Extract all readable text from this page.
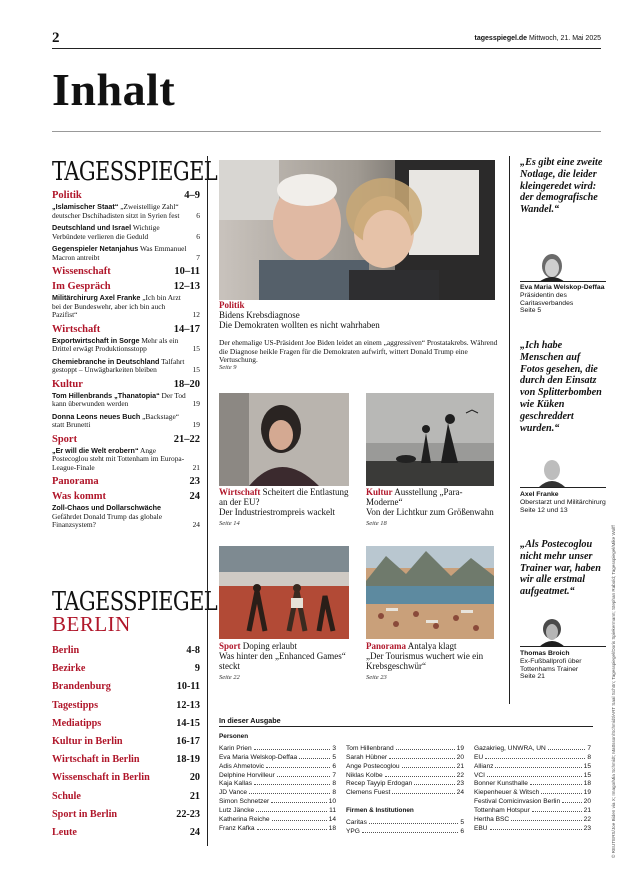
2	tagesspiegel.de Mittwoch, 21. Mai 2025
Inhalt
TAGESSPIEGEL
Politik	4–9
„Islamischer Staat“ „Zweistellige Zahl“ deutscher Dschihadisten sitzt in Syrien fest 6
Deutschland und Israel Wichtige Verbündete verlieren die Geduld	6
Gegenspieler Netanjahus Was Emmanuel Macron antreibt	7
Wissenschaft	10–11
Im Gespräch	12–13
Militärchirurg Axel Franke „Ich bin Arzt bei der Bundeswehr, aber ich bin auch Pazifist“	12
Wirtschaft	14–17
Exportwirtschaft in Sorge Mehr als ein Drittel erwägt Produktionsstopp	15
Chemiebranche in Deutschland Talfahrt gestoppt – Unwägbarkeiten bleiben	15
Kultur	18–20
Tom Hillenbrands „Thanatopia“ Der Tod kann überwunden werden	19
Donna Leons neues Buch „Backstage“ statt Brunetti	19
Sport	21–22
„Er will die Welt erobern“ Ange Postecoglou steht mit Tottenham im Europa-League-Finale	21
Panorama	23
Was kommt	24
Zoll-Chaos und Dollarschwäche Gefährdet Donald Trump das globale Finanzsystem?	24
TAGESSPIEGEL
BERLIN
Berlin	4-8
Bezirke	9
Brandenburg	10-11
Tagestipps	12-13
Mediatipps	14-15
Kultur in Berlin	16-17
Wirtschaft in Berlin	18-19
Wissenschaft in Berlin	20
Schule	21
Sport in Berlin	22-23
Leute	24
Politik
Bidens Krebsdiagnose
Die Demokraten wollten es nicht wahrhaben
Der ehemalige US-Präsident Joe Biden leidet an einem „aggressiven“ Prostatakrebs. Während die Diagnose heikle Fragen für die Demokraten aufwirft, wittert Donald Trump eine Vertuschung.
Seite 9
Wirtschaft Scheitert die Entlastung an der EU?
Der Industriestrompreis wackelt
Seite 14
Kultur Ausstellung „Para-Moderne“
Von der Lichtkur zum Größenwahn
Seite 18
Sport Doping erlaubt
Was hinter den „Enhanced Games“ steckt
Seite 22
Panorama Antalya klagt
„Der Tourismus wuchert wie ein Krebsgeschwür“
Seite 23
„Es gibt eine zweite Notlage, die leider kleingeredet wird: der demografische Wandel.“
Eva Maria Welskop-Deffaa
Präsidentin des Caritasverbandes
Seite 5
„Ich habe Menschen auf Fotos gesehen, die durch den Einsatz von Splitterbomben wie Küken geschreddert wurden.“
Axel Franke
Oberstarzt und Militärchirurg
Seite 12 und 13
„Als Postecoglou nicht mehr unser Trainer war, haben wir alle erstmal aufgeatmet.“
Thomas Broich
Ex-Fußballprofi über Tottenhams Trainer
Seite 21
In dieser Ausgabe
Personen
Karin Prien	3
Eva Maria Welskop-Deffaa	5
Adis Ahmetovic	6
Delphine Horvilleur	7
Kaja Kallas	8
JD Vance	8
Simon Schnetzer	10
Lutz Jäncke	11
Katherina Reiche	14
Franz Kafka	18
Tom Hillenbrand	19
Sarah Hübner	20
Ange Postecoglou	21
Niklas Kolbe	22
Recep Tayyip Erdogan	23
Clemens Fuest	24
Firmen & Institutionen
Caritas	5
YPG	6
Gazakrieg, UNWRA, UN	7
EU	8
Allianz	15
VCI	15
Bonner Kunsthalle	18
Kiepenheuer & Witsch	19
Festival Comicinvasion Berlin	20
Tottenham Hotspur	21
Hertha BSC	22
EBU	23	© REUTERS/Joe Biden via X; Imago/Mia Schmidt; Mattsson/Schmidt/ART Saal Schön; Tagesspiegel/Doris Spiekermann; Stephan Rabold; Tagesspiegel/Mike Wolff
